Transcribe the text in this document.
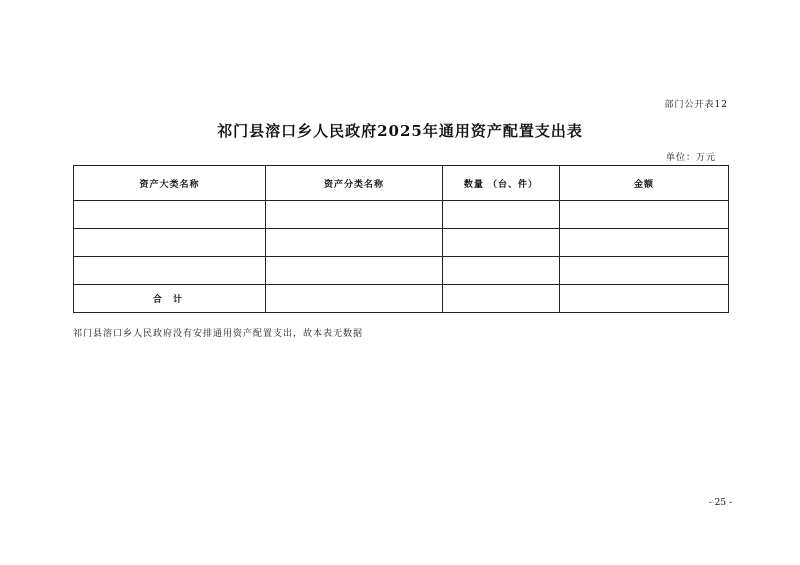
部门公开表12
祁门县溶口乡人民政府2025年通用资产配置支出表
单位：万元
资产大类名称	资产分类名称	数量 （台、件）	金额

合 计			
祁门县溶口乡人民政府没有安排通用资产配置支出，故本表无数据
- 25 -
